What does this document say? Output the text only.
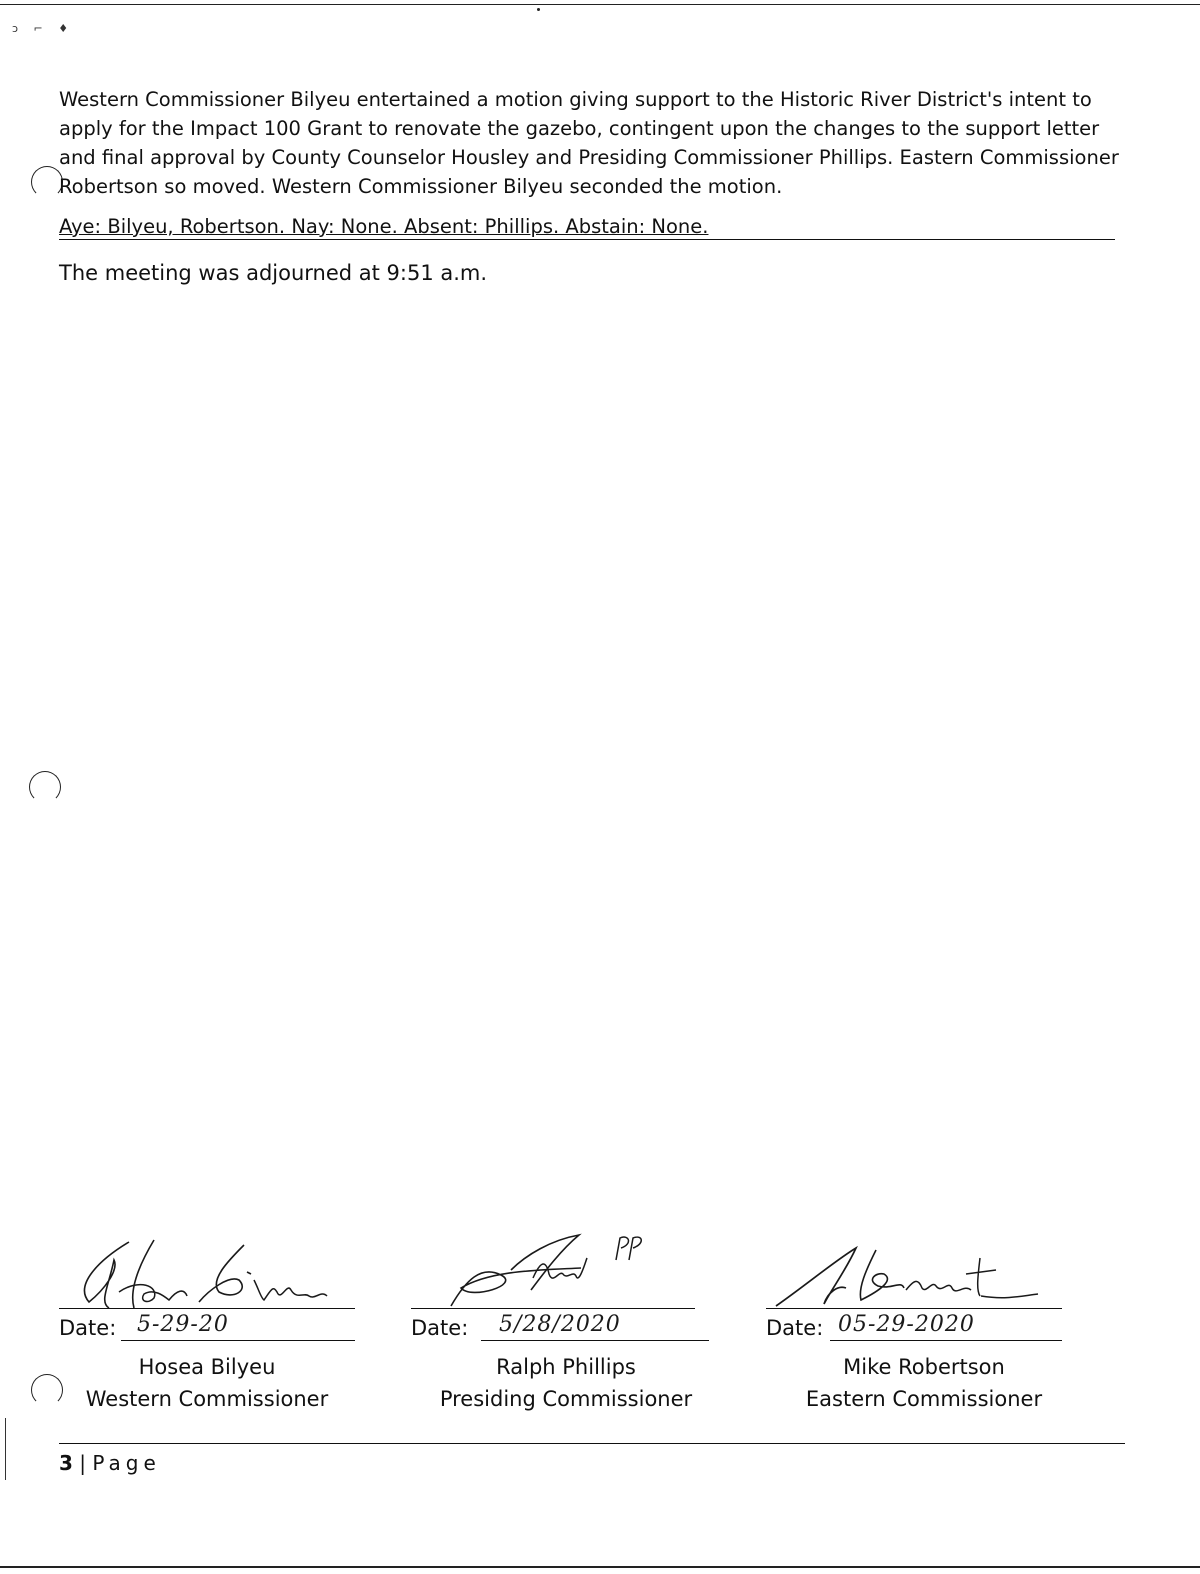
ͻ ⌐ ♦

Western Commissioner Bilyeu entertained a motion giving support to the Historic River District's intent to apply for the Impact 100 Grant to renovate the gazebo, contingent upon the changes to the support letter and final approval by County Counselor Housley and Presiding Commissioner Phillips. Eastern Commissioner Robertson so moved. Western Commissioner Bilyeu seconded the motion.

Aye: Bilyeu, Robertson. Nay: None. Absent: Phillips. Abstain: None.
The meeting was adjourned at 9:51 a.m.
Date: 5-29-20
Hosea Bilyeu
Western Commissioner
Date: 5/28/2020
Ralph Phillips
Presiding Commissioner
Date: 05-29-2020
Mike Robertson
Eastern Commissioner
3 | Page
